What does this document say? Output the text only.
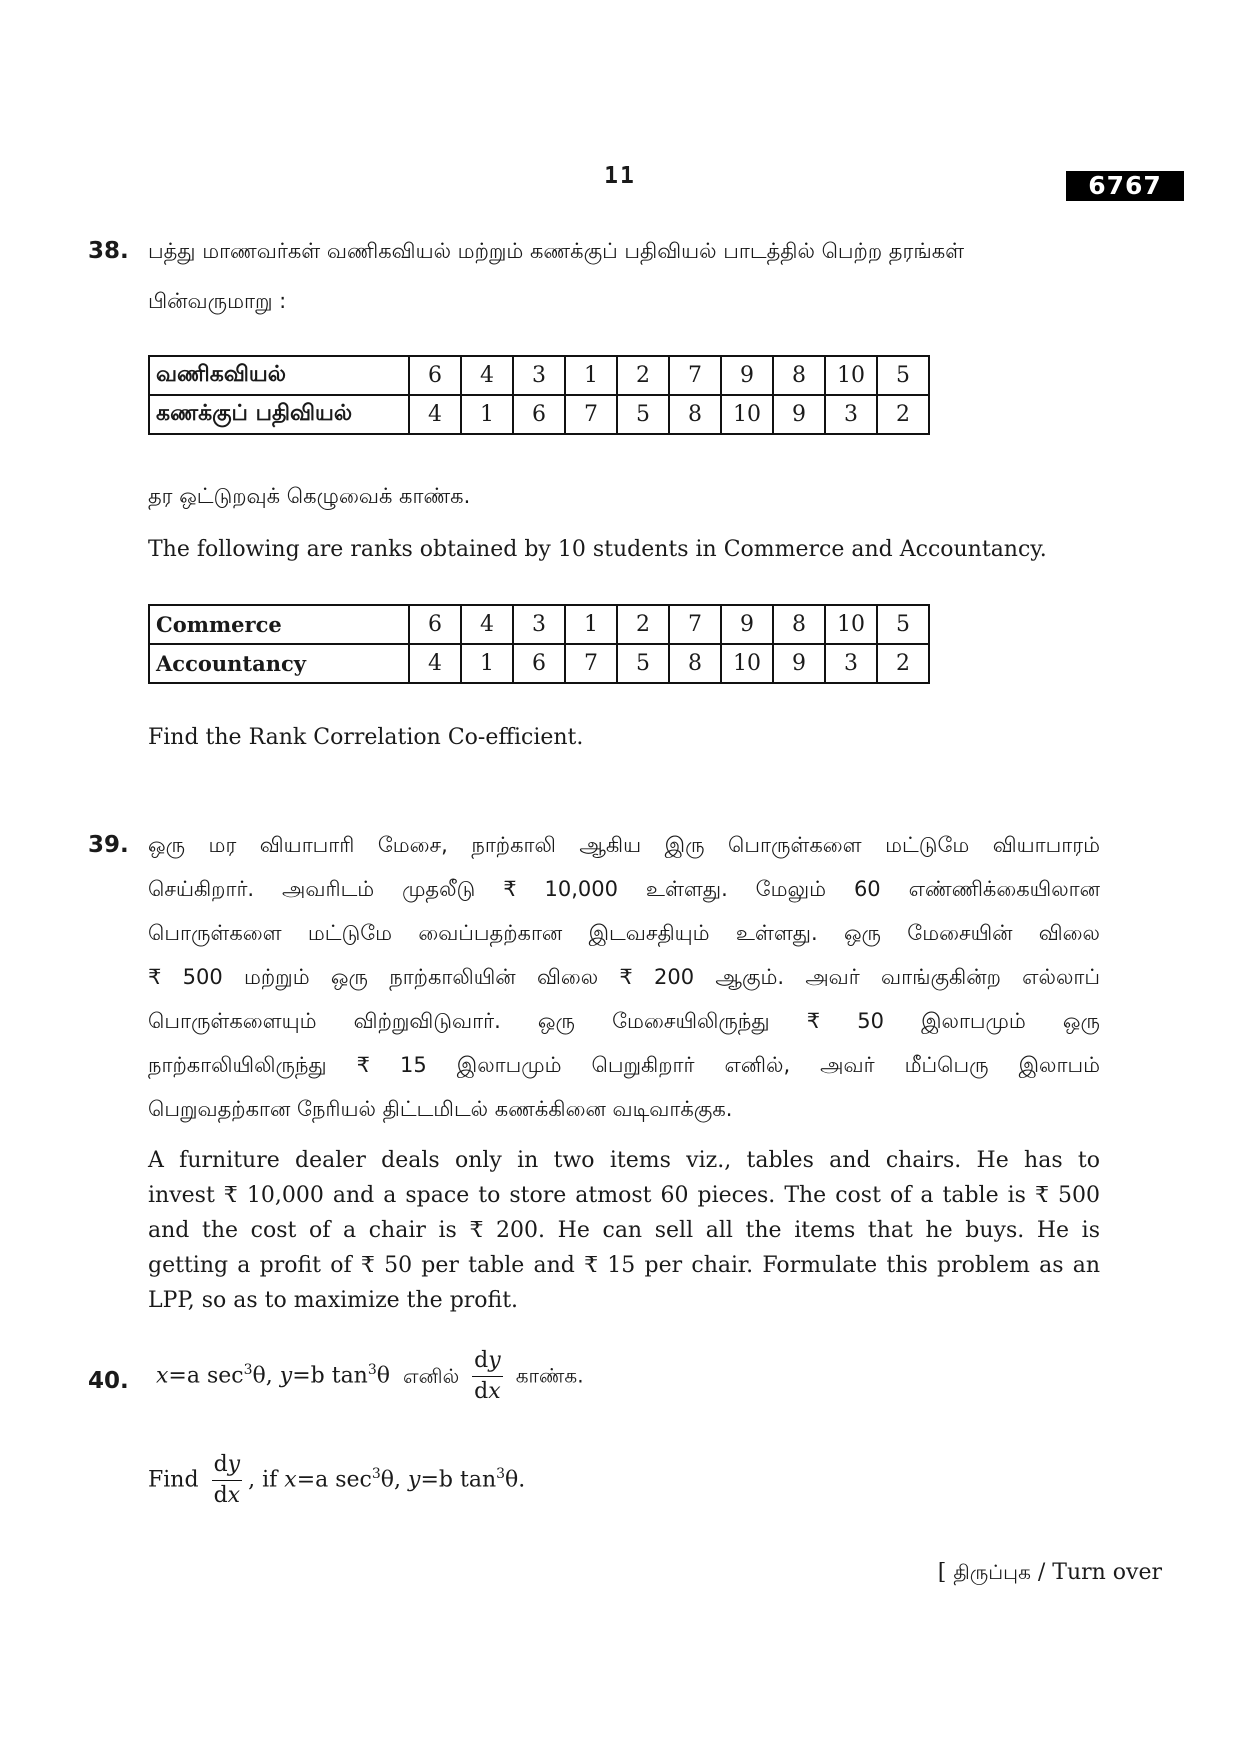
11	6767
38. பத்து மாணவர்கள் வணிகவியல் மற்றும் கணக்குப் பதிவியல் பாடத்தில் பெற்ற தரங்கள்
பின்வருமாறு :
வணிகவியல்	6	4	3	1	2	7	9	8	10	5
கணக்குப் பதிவியல்	4	1	6	7	5	8	10	9	3	2
தர ஒட்டுறவுக் கெழுவைக் காண்க.
The following are ranks obtained by 10 students in Commerce and Accountancy.
Commerce	6	4	3	1	2	7	9	8	10	5
Accountancy	4	1	6	7	5	8	10	9	3	2
Find the Rank Correlation Co-efficient.
39. ஒரு மர வியாபாரி மேசை, நாற்காலி ஆகிய இரு பொருள்களை மட்டுமே வியாபாரம்
செய்கிறார். அவரிடம் முதலீடு ₹ 10,000 உள்ளது. மேலும் 60 எண்ணிக்கையிலான
பொருள்களை மட்டுமே வைப்பதற்கான இடவசதியும் உள்ளது. ஒரு மேசையின் விலை
₹ 500 மற்றும் ஒரு நாற்காலியின் விலை ₹ 200 ஆகும். அவர் வாங்குகின்ற எல்லாப்
பொருள்களையும் விற்றுவிடுவார். ஒரு மேசையிலிருந்து ₹ 50 இலாபமும் ஒரு
நாற்காலியிலிருந்து ₹ 15 இலாபமும் பெறுகிறார் எனில், அவர் மீப்பெரு இலாபம்
பெறுவதற்கான நேரியல் திட்டமிடல் கணக்கினை வடிவாக்குக.
A furniture dealer deals only in two items viz., tables and chairs. He has to
invest ₹ 10,000 and a space to store atmost 60 pieces. The cost of a table is ₹ 500
and the cost of a chair is ₹ 200. He can sell all the items that he buys. He is
getting a profit of ₹ 50 per table and ₹ 15 per chair. Formulate this problem as an
LPP, so as to maximize the profit.
40. x=a $\sec^3\theta$, y=b $\tan^3\theta$ எனில் $\frac{dy}{dx}$ காண்க.
Find $\frac{dy}{dx}$ , if x=a $\sec^3\theta$, y=b $\tan^3\theta$.
[ திருப்புக / Turn over
